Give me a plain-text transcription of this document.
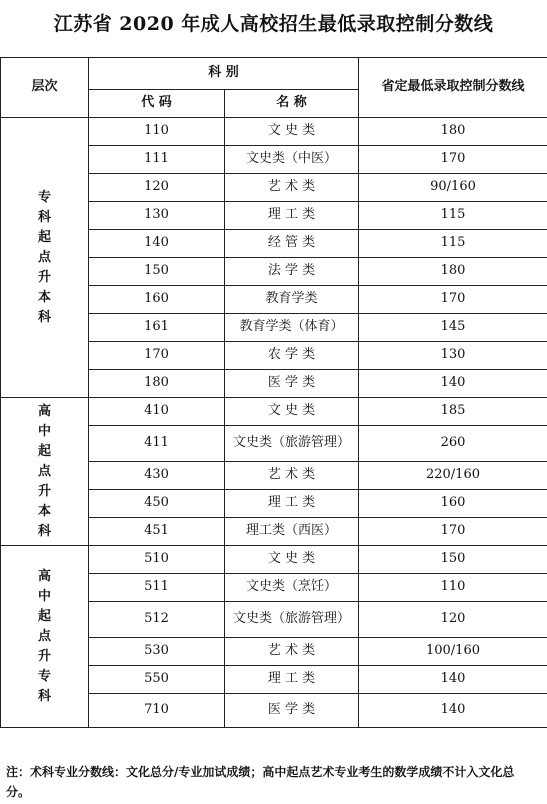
江苏省 2020 年成人高校招生最低录取控制分数线
层次	科 别		省定最低录取控制分数线
	代 码	名 称	
专科起点升本科	110	文 史 类	180
	111	文史类（中医）	170
	120	艺 术 类	90/160
	130	理 工 类	115
	140	经 管 类	115
	150	法 学 类	180
	160	教育学类	170
	161	教育学类（体育）	145
	170	农 学 类	130
	180	医 学 类	140
高中起点升本科	410	文 史 类	185
	411	文史类（旅游管理）	260
	430	艺 术 类	220/160
	450	理 工 类	160
	451	理工类（西医）	170
高中起点升专科	510	文 史 类	150
	511	文史类（烹饪）	110
	512	文史类（旅游管理）	120
	530	艺 术 类	100/160
	550	理 工 类	140
	710	医 学 类	140
注：术科专业分数线：文化总分/专业加试成绩；高中起点艺术专业考生的数学成绩不计入文化总分。
